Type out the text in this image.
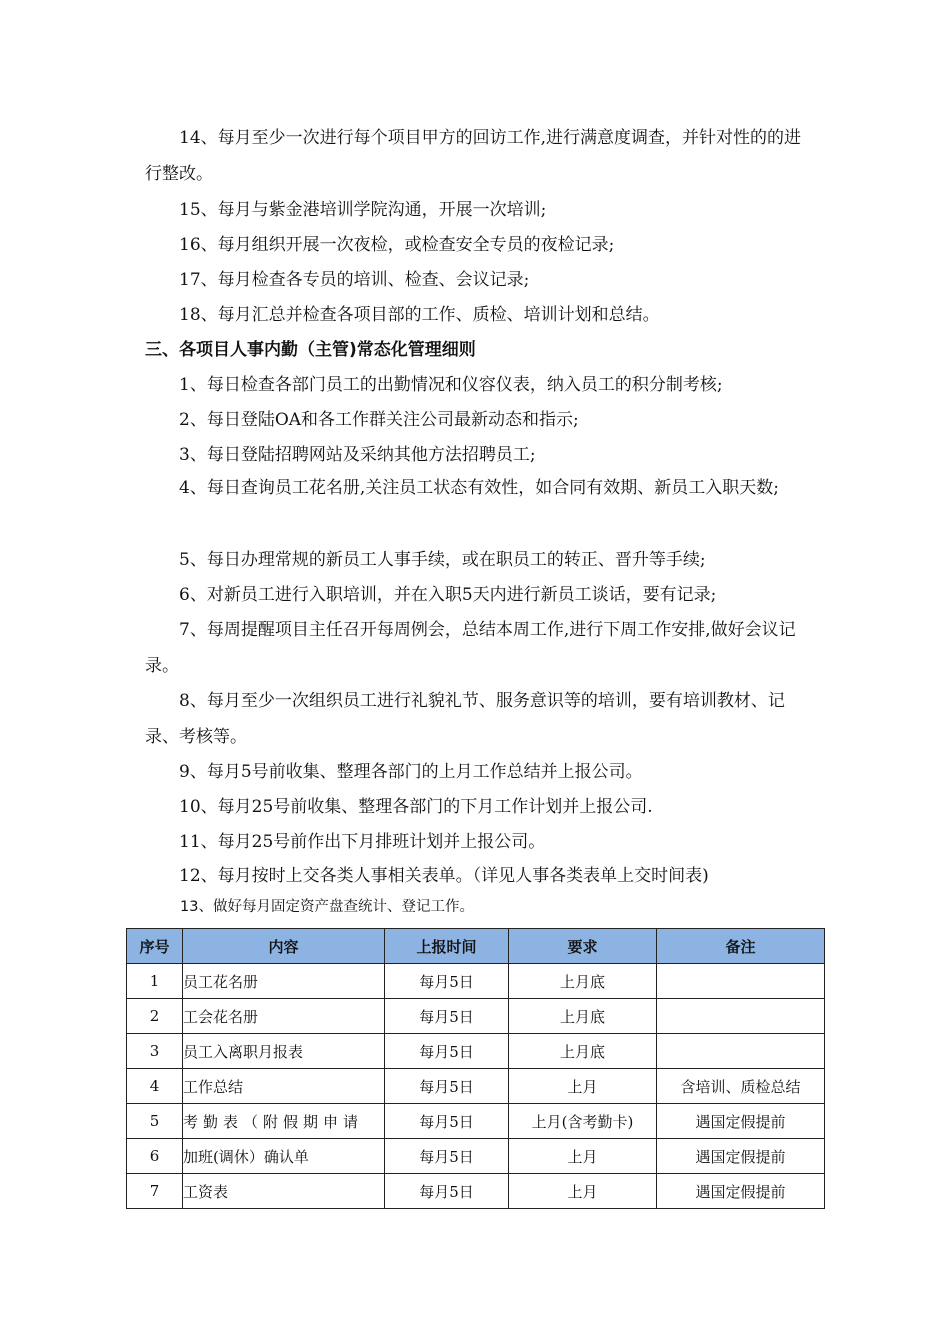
14、每月至少一次进行每个项目甲方的回访工作,进行满意度调查，并针对性的的进行整改。

15、每月与紫金港培训学院沟通，开展一次培训;

16、每月组织开展一次夜检，或检查安全专员的夜检记录;

17、每月检查各专员的培训、检查、会议记录;

18、每月汇总并检查各项目部的工作、质检、培训计划和总结。

三、各项目人事内勤（主管)常态化管理细则

1、每日检查各部门员工的出勤情况和仪容仪表，纳入员工的积分制考核;

2、每日登陆OA和各工作群关注公司最新动态和指示;

3、每日登陆招聘网站及采纳其他方法招聘员工;

4、每日查询员工花名册,关注员工状态有效性，如合同有效期、新员工入职天数;

5、每日办理常规的新员工人事手续，或在职员工的转正、晋升等手续;

6、对新员工进行入职培训，并在入职5天内进行新员工谈话，要有记录;

7、每周提醒项目主任召开每周例会，总结本周工作,进行下周工作安排,做好会议记录。

8、每月至少一次组织员工进行礼貌礼节、服务意识等的培训，要有培训教材、记录、考核等。

9、每月5号前收集、整理各部门的上月工作总结并上报公司。

10、每月25号前收集、整理各部门的下月工作计划并上报公司.

11、每月25号前作出下月排班计划并上报公司。

12、每月按时上交各类人事相关表单。（详见人事各类表单上交时间表)

13、做好每月固定资产盘查统计、登记工作。
序号	内容	上报时间	要求	备注
1	员工花名册	每月5日	上月底	
2	工会花名册	每月5日	上月底	
3	员工入离职月报表	每月5日	上月底	
4	工作总结	每月5日	上月	含培训、质检总结
5	考勤表（附假期申请	每月5日	上月(含考勤卡)	遇国定假提前
6	加班(调休）确认单	每月5日	上月	遇国定假提前
7	工资表	每月5日	上月	遇国定假提前
